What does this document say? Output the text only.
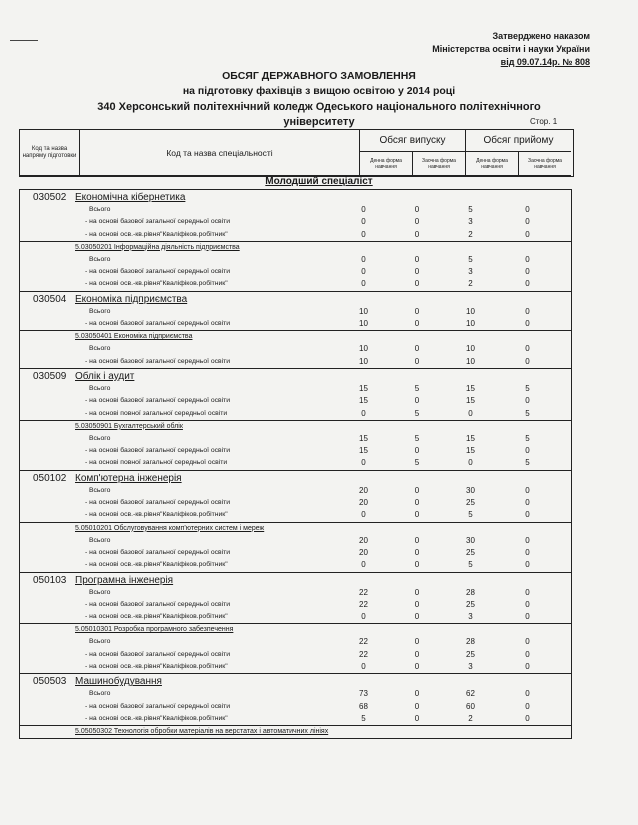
Затверджено наказом
Міністерства освіти і науки України
від 09.07.14р. № 808
ОБСЯГ ДЕРЖАВНОГО ЗАМОВЛЕННЯ
на підготовку фахівців з вищою освітою у 2014 році
340 Херсонський політехнічний коледж Одеського національного політехнічного
університету	Стор. 1
Код та назва напряму підготовки	Код та назва спеціальності
Обсяг випуску	Обсяг прийому
Денна форма навчання
Заочна форма навчання
Денна форма навчання
Заочна форма навчання
Молодший спеціаліст
030502 Економічна кібернетика
Всього	0	0	5	0
- на основі базової загальної середньої освіти	0	0	3	0
- на основі осв.-кв.рівня"Кваліфіков.робітник"	0	0	2	0
5.03050201 Інформаційна діяльність підприємства
Всього	0	0	5	0
- на основі базової загальної середньої освіти	0	0	3	0
- на основі осв.-кв.рівня"Кваліфіков.робітник"	0	0	2	0
030504 Економіка підприємства
Всього	10	0	10	0
- на основі базової загальної середньої освіти	10	0	10	0
5.03050401 Економіка підприємства
Всього	10	0	10	0
- на основі базової загальної середньої освіти	10	0	10	0
030509 Облік і аудит
Всього	15	5	15	5
- на основі базової загальної середньої освіти	15	0	15	0
- на основі повної загальної середньої освіти	0	5	0	5
5.03050901 Бухгалтерський облік
Всього	15	5	15	5
- на основі базової загальної середньої освіти	15	0	15	0
- на основі повної загальної середньої освіти	0	5	0	5
050102 Комп'ютерна інженерія
Всього	20	0	30	0
- на основі базової загальної середньої освіти	20	0	25	0
- на основі осв.-кв.рівня"Кваліфіков.робітник"	0	0	5	0
5.05010201 Обслуговування комп'ютерних систем і мереж
Всього	20	0	30	0
- на основі базової загальної середньої освіти	20	0	25	0
- на основі осв.-кв.рівня"Кваліфіков.робітник"	0	0	5	0
050103 Програмна інженерія
Всього	22	0	28	0
- на основі базової загальної середньої освіти	22	0	25	0
- на основі осв.-кв.рівня"Кваліфіков.робітник"	0	0	3	0
5.05010301 Розробка програмного забезпечення
Всього	22	0	28	0
- на основі базової загальної середньої освіти	22	0	25	0
- на основі осв.-кв.рівня"Кваліфіков.робітник"	0	0	3	0
050503 Машинобудування
Всього	73	0	62	0
- на основі базової загальної середньої освіти	68	0	60	0
- на основі осв.-кв.рівня"Кваліфіков.робітник"	5	0	2	0
5.05050302 Технологія обробки матеріалів на верстатах і автоматичних лініях
